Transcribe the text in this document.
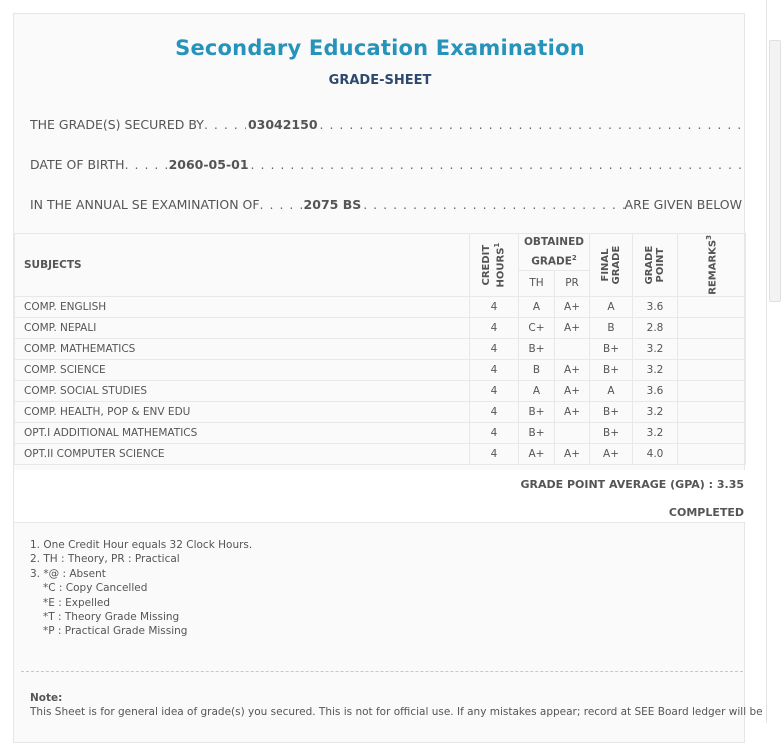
Secondary Education Examination
GRADE-SHEET
THE GRADE(S) SECURED BY . . .	03042150
. . .
DATE OF BIRTH . . .	2060-05-01
. . .
IN THE ANNUAL SE EXAMINATION OF . . .	2075 BS . . .	ARE GIVEN BELOW
SUBJECTS	CREDIT HOURS$^1$	OBTAINED GRADE$^2$		FINAL GRADE	GRADE POINT	REMARKS$^3$

		TH	PR			
COMP. ENGLISH	4	A	A+	A	3.6	
COMP. NEPALI	4	C+	A+	B	2.8	
COMP. MATHEMATICS	4	B+		B+	3.2	
COMP. SCIENCE	4	B	A+	B+	3.2	
COMP. SOCIAL STUDIES	4	A	A+	A	3.6	
COMP. HEALTH, POP & ENV EDU	4	B+	A+	B+	3.2	
OPT.I ADDITIONAL MATHEMATICS	4	B+		B+	3.2	
OPT.II COMPUTER SCIENCE	4	A+	A+	A+	4.0	
GRADE POINT AVERAGE (GPA) : 3.35
COMPLETED
1. One Credit Hour equals 32 Clock Hours.
2. TH : Theory, PR : Practical
3. *@ : Absent
*C : Copy Cancelled
*E : Expelled
*T : Theory Grade Missing
*P : Practical Grade Missing
Note:
This Sheet is for general idea of grade(s) you secured. This is not for official use. If any mistakes appear; record at SEE Board ledger will be
